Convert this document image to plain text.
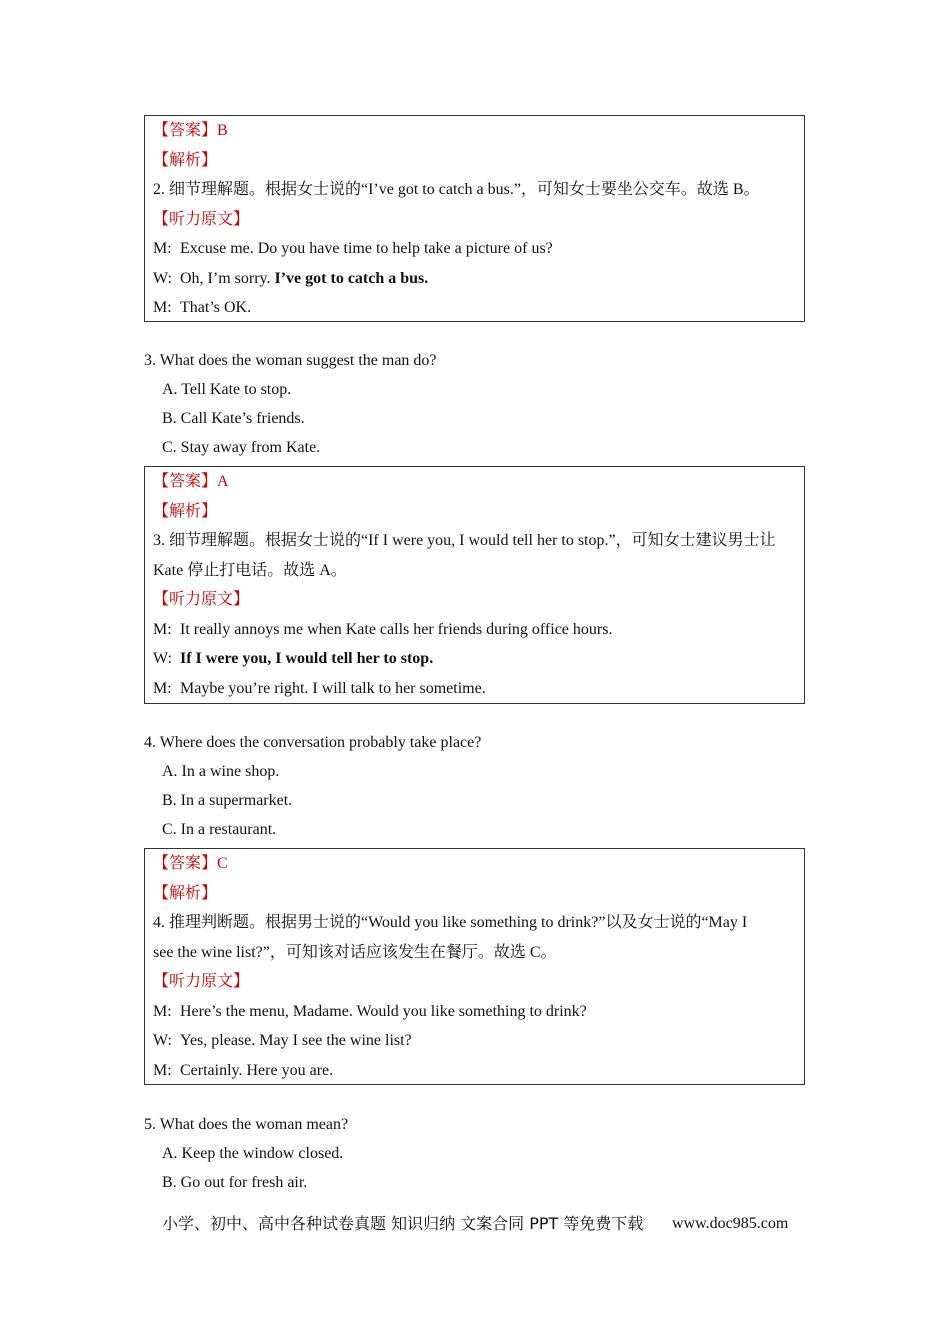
【答案】B
【解析】
2. 细节理解题。根据女士说的“I’ve got to catch a bus.”，可知女士要坐公交车。故选 B。
【听力原文】
M: Excuse me. Do you have time to help take a picture of us?
W: Oh, I’m sorry. I’ve got to catch a bus.
M: That’s OK.
3. What does the woman suggest the man do?
A. Tell Kate to stop.
B. Call Kate’s friends.
C. Stay away from Kate.
【答案】A
【解析】
3. 细节理解题。根据女士说的“If I were you, I would tell her to stop.”，可知女士建议男士让
Kate 停止打电话。故选 A。
【听力原文】
M: It really annoys me when Kate calls her friends during office hours.
W: If I were you, I would tell her to stop.
M: Maybe you’re right. I will talk to her sometime.
4. Where does the conversation probably take place?
A. In a wine shop.
B. In a supermarket.
C. In a restaurant.
【答案】C
【解析】
4. 推理判断题。根据男士说的“Would you like something to drink?”以及女士说的“May I
see the wine list?”，可知该对话应该发生在餐厅。故选 C。
【听力原文】
M: Here’s the menu, Madame. Would you like something to drink?
W: Yes, please. May I see the wine list?
M: Certainly. Here you are.
5. What does the woman mean?
A. Keep the window closed.
B. Go out for fresh air.
小学、初中、高中各种试卷真题 知识归纳 文案合同 PPT 等免费下载 www.doc985.com
